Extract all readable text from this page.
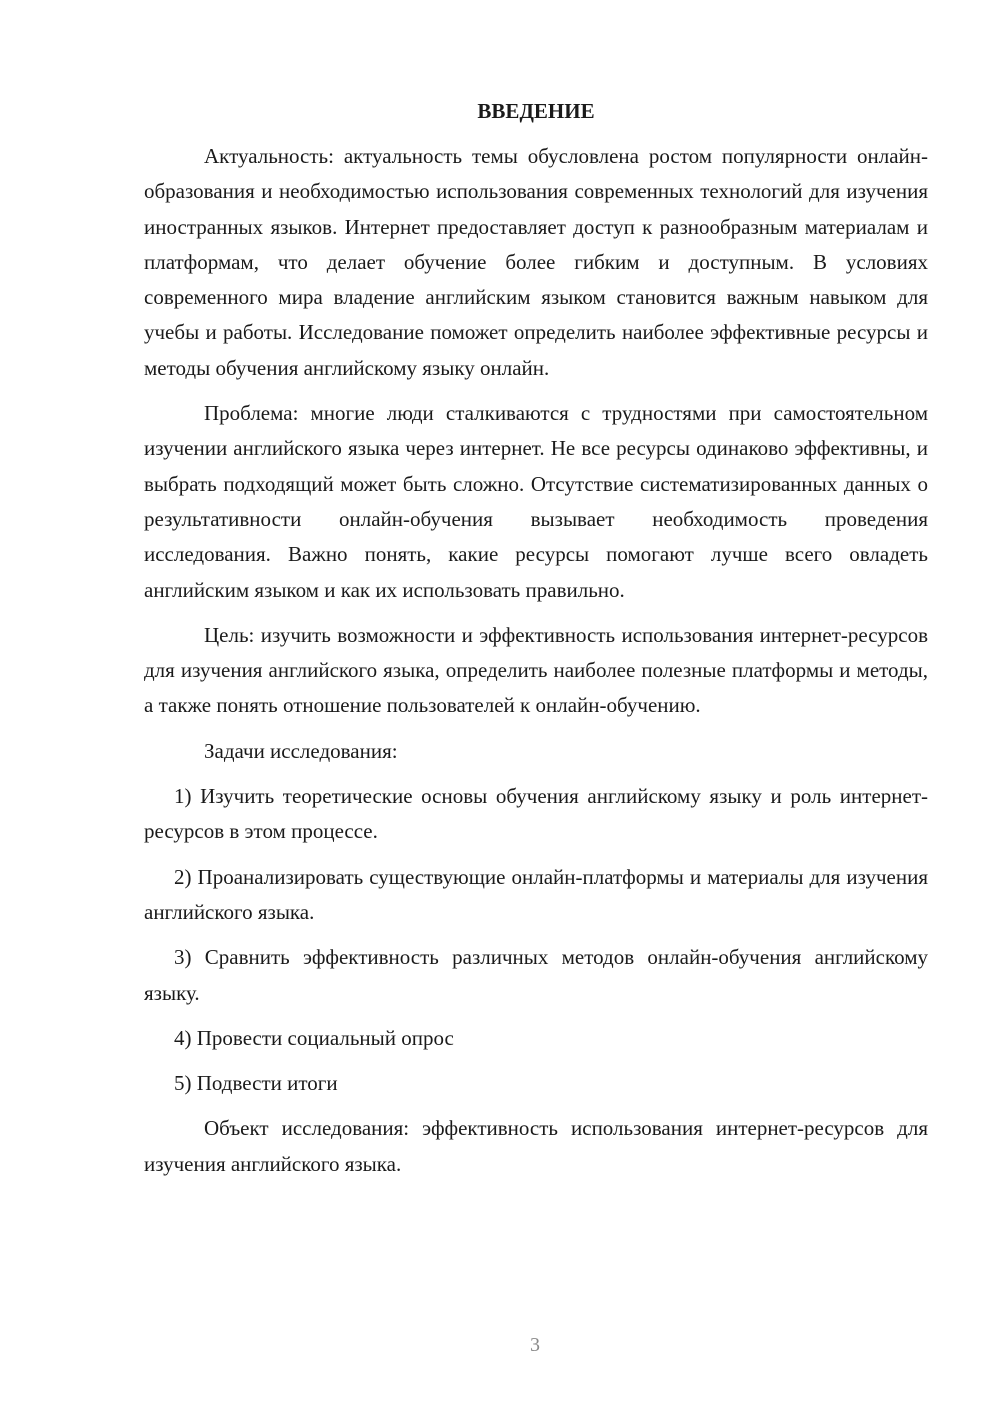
ВВЕДЕНИЕ

Актуальность: актуальность темы обусловлена ростом популярности онлайн-образования и необходимостью использования современных технологий для изучения иностранных языков. Интернет предоставляет доступ к разнообразным материалам и платформам, что делает обучение более гибким и доступным. В условиях современного мира владение английским языком становится важным навыком для учебы и работы. Исследование поможет определить наиболее эффективные ресурсы и методы обучения английскому языку онлайн.

Проблема: многие люди сталкиваются с трудностями при самостоятельном изучении английского языка через интернет. Не все ресурсы одинаково эффективны, и выбрать подходящий может быть сложно. Отсутствие систематизированных данных о результативности онлайн-обучения вызывает необходимость проведения исследования. Важно понять, какие ресурсы помогают лучше всего овладеть английским языком и как их использовать правильно.

Цель: изучить возможности и эффективность использования интернет-ресурсов для изучения английского языка, определить наиболее полезные платформы и методы, а также понять отношение пользователей к онлайн-обучению.

Задачи исследования:

1) Изучить теоретические основы обучения английскому языку и роль интернет-ресурсов в этом процессе.

2) Проанализировать существующие онлайн-платформы и материалы для изучения английского языка.

3) Сравнить эффективность различных методов онлайн-обучения английскому языку.

4) Провести социальный опрос

5) Подвести итоги

Объект исследования: эффективность использования интернет-ресурсов для изучения английского языка.

3
